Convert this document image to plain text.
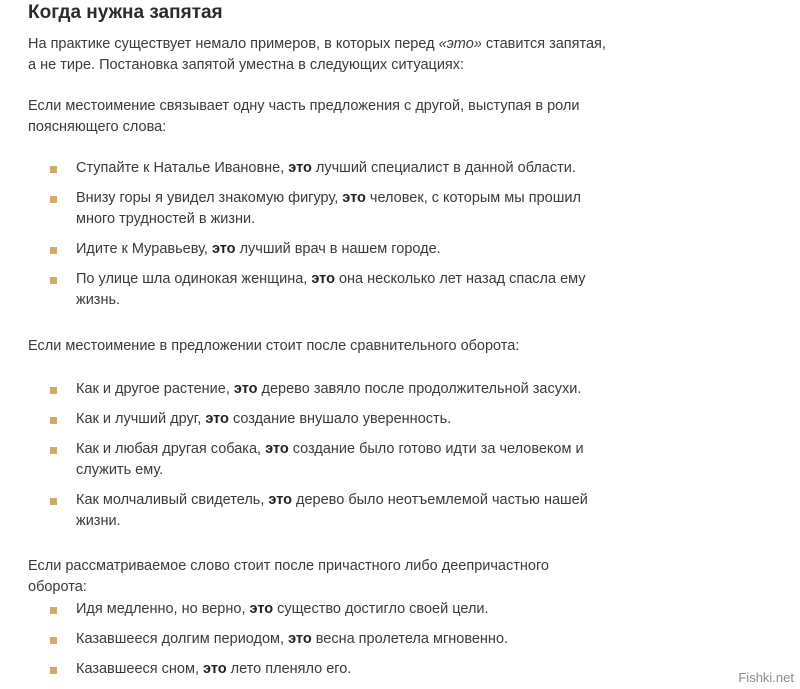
Когда нужна запятая

На практике существует немало примеров, в которых перед «это» ставится запятая, а не тире. Постановка запятой уместна в следующих ситуациях:

Если местоимение связывает одну часть предложения с другой, выступая в роли поясняющего слова:

Ступайте к Наталье Ивановне, это лучший специалист в данной области.
Внизу горы я увидел знакомую фигуру, это человек, с которым мы прошил много трудностей в жизни.
Идите к Муравьеву, это лучший врач в нашем городе.
По улице шла одинокая женщина, это она несколько лет назад спасла ему жизнь.

Если местоимение в предложении стоит после сравнительного оборота:

Как и другое растение, это дерево завяло после продолжительной засухи.
Как и лучший друг, это создание внушало уверенность.
Как и любая другая собака, это создание было готово идти за человеком и служить ему.
Как молчаливый свидетель, это дерево было неотъемлемой частью нашей жизни.

Если рассматриваемое слово стоит после причастного либо деепричастного оборота:

Идя медленно, но верно, это существо достигло своей цели.
Казавшееся долгим периодом, это весна пролетела мгновенно.
Казавшееся сном, это лето пленяло его.
Fishki.net
